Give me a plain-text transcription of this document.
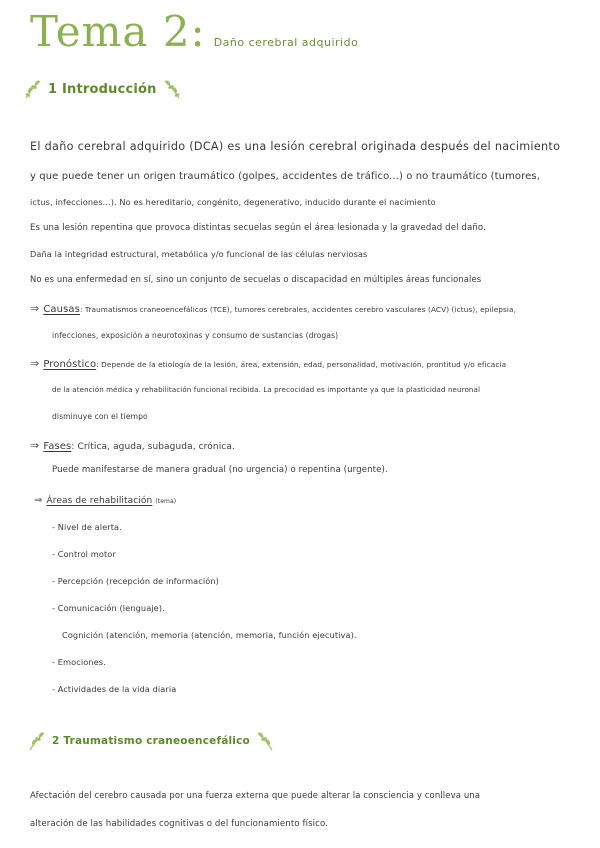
Tema 2: Daño cerebral adquirido
1 Introducción
El daño cerebral adquirido (DCA) es una lesión cerebral originada después del nacimiento
y que puede tener un origen traumático (golpes, accidentes de tráfico...) o no traumático (tumores,
ictus, infecciones...). No es hereditario, congénito, degenerativo, inducido durante el nacimiento
Es una lesión repentina que provoca distintas secuelas según el área lesionada y la gravedad del daño.
Daña la integridad estructural, metabólica y/o funcional de las células nerviosas
No es una enfermedad en sí, sino un conjunto de secuelas o discapacidad en múltiples áreas funcionales
⇒ Causas: Traumatismos craneoencefálicos (TCE), tumores cerebrales, accidentes cerebro vasculares (ACV) (ictus), epilepsia,
infecciones, exposición a neurotoxinas y consumo de sustancias (drogas)
⇒ Pronóstico: Depende de la etiología de la lesión, área, extensión, edad, personalidad, motivación, prontitud y/o eficacia
de la atención médica y rehabilitación funcional recibida. La precocidad es importante ya que la plasticidad neuronal
disminuye con el tiempo
⇒ Fases: Crítica, aguda, subaguda, crónica.
Puede manifestarse de manera gradual (no urgencia) o repentina (urgente).
⇒ Áreas de rehabilitación (tema)
- Nivel de alerta.
- Control motor
- Percepción (recepción de información)
- Comunicación (lenguaje).
Cognición (atención, memoria (atención, memoria, función ejecutiva).
- Emociones.
- Actividades de la vida diaria
2 Traumatismo craneoencefálico
Afectación del cerebro causada por una fuerza externa que puede alterar la consciencia y conlleva una
alteración de las habilidades cognitivas o del funcionamiento físico.
